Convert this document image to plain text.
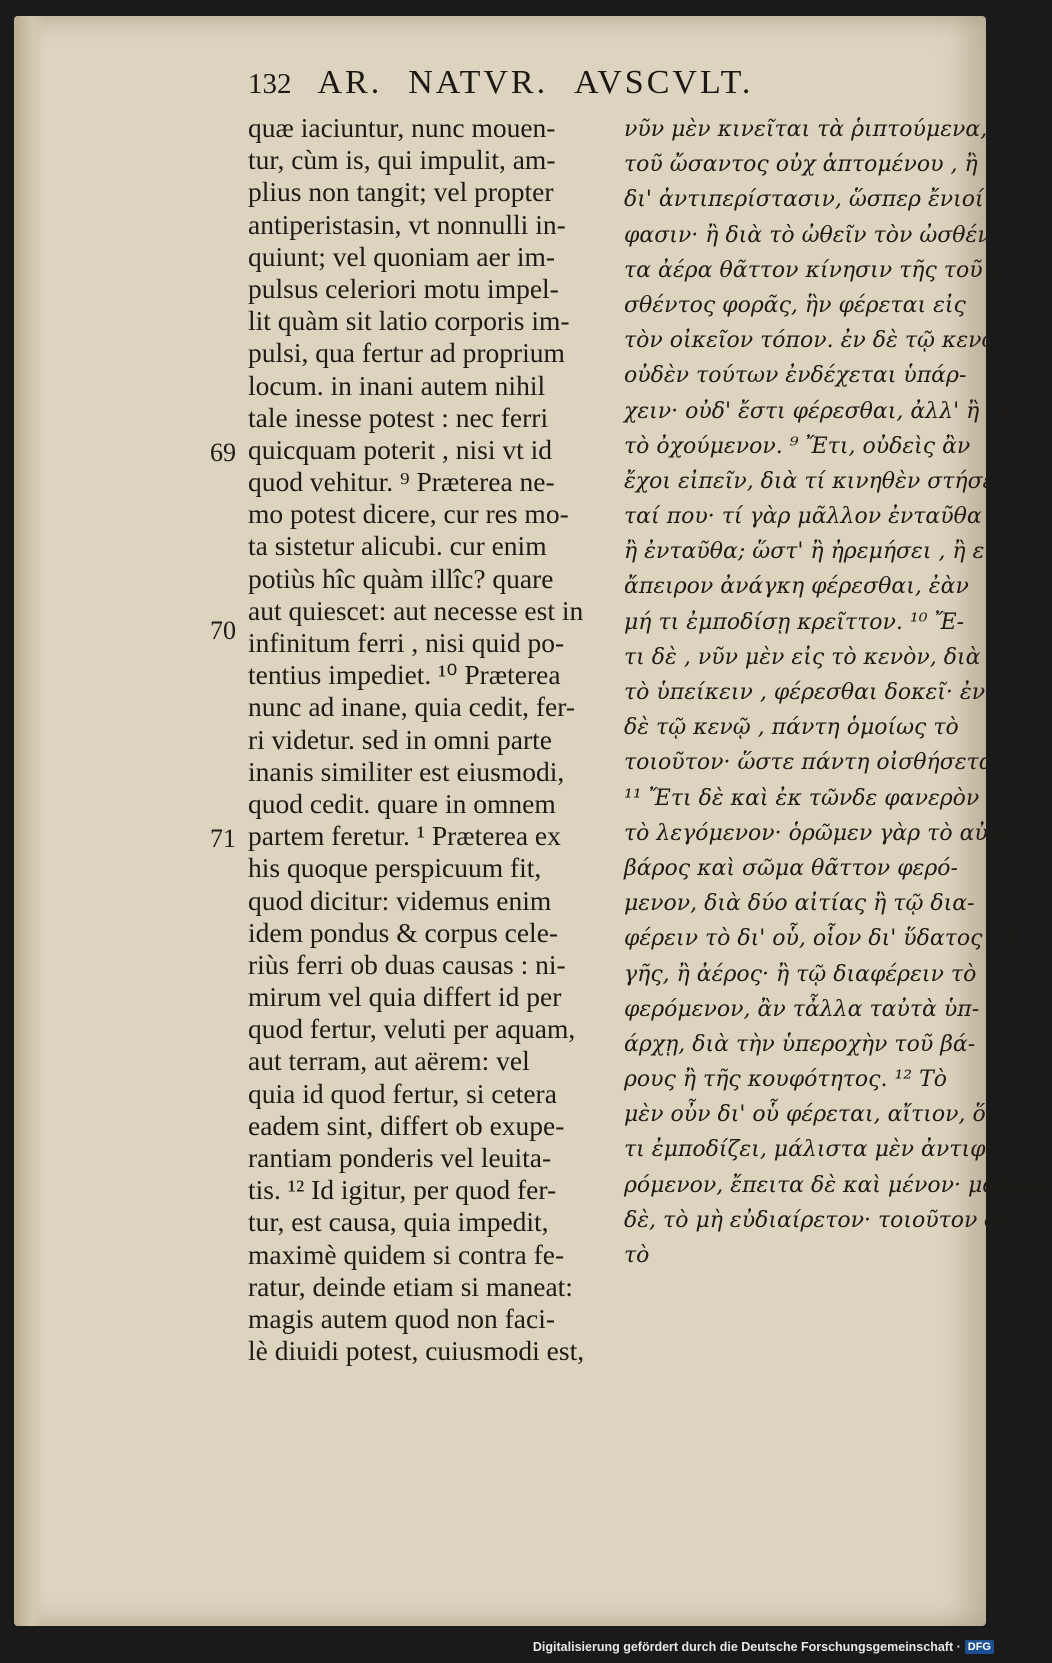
132 AR. NATVR. AVSCVLT.
69
70
71
quæ iaciuntur, nunc mouen-
tur, cùm is, qui impulit, am-
plius non tangit; vel propter
antiperistasin, vt nonnulli in-
quiunt; vel quoniam aer im-
pulsus celeriori motu impel-
lit quàm sit latio corporis im-
pulsi, qua fertur ad proprium
locum. in inani autem nihil
tale inesse potest : nec ferri
quicquam poterit , nisi vt id
quod vehitur. ⁹ Præterea ne-
mo potest dicere, cur res mo-
ta sistetur alicubi. cur enim
potiùs hîc quàm illîc? quare
aut quiescet: aut necesse est in
infinitum ferri , nisi quid po-
tentius impediet. ¹⁰ Præterea
nunc ad inane, quia cedit, fer-
ri videtur. sed in omni parte
inanis similiter est eiusmodi,
quod cedit. quare in omnem
partem feretur. ¹ Præterea ex
his quoque perspicuum fit,
quod dicitur: videmus enim
idem pondus & corpus cele-
riùs ferri ob duas causas : ni-
mirum vel quia differt id per
quod fertur, veluti per aquam,
aut terram, aut aërem: vel
quia id quod fertur, si cetera
eadem sint, differt ob exupe-
rantiam ponderis vel leuita-
tis. ¹² Id igitur, per quod fer-
tur, est causa, quia impedit,
maximè quidem si contra fe-
ratur, deinde etiam si maneat:
magis autem quod non faci-
lè diuidi potest, cuiusmodi est,
νῦν μὲν κινεῖται τὰ ῥιπτούμενα,
τοῦ ὤσαντος οὐχ ἁπτομένου , ἢ
δι' ἀντιπερίστασιν, ὥσπερ ἔνιοί
φασιν· ἢ διὰ τὸ ὠθεῖν τὸν ὠσθέν-
τα ἀέρα θᾶττον κίνησιν τῆς τοῦ ὠ-
σθέντος φορᾶς, ἣν φέρεται εἰς
τὸν οἰκεῖον τόπον. ἐν δὲ τῷ κενῷ
οὐδὲν τούτων ἐνδέχεται ὑπάρ-
χειν· οὐδ' ἔστι φέρεσθαι, ἀλλ' ἢ ὡς
τὸ ὀχούμενον. ⁹ Ἔτι, οὐδεὶς ἂν
ἔχοι εἰπεῖν, διὰ τί κινηθὲν στήσε-
ταί που· τί γὰρ μᾶλλον ἐνταῦθα
ἢ ἐνταῦθα; ὥστ' ἢ ἠρεμήσει , ἢ εἰς
ἄπειρον ἀνάγκη φέρεσθαι, ἐὰν
μή τι ἐμποδίσῃ κρεῖττον. ¹⁰ Ἔ-
τι δὲ , νῦν μὲν εἰς τὸ κενὸν, διὰ
τὸ ὑπείκειν , φέρεσθαι δοκεῖ· ἐν
δὲ τῷ κενῷ , πάντη ὁμοίως τὸ
τοιοῦτον· ὥστε πάντη οἰσθήσεται.
¹¹ Ἔτι δὲ καὶ ἐκ τῶνδε φανερὸν
τὸ λεγόμενον· ὁρῶμεν γὰρ τὸ αὐτὸ
βάρος καὶ σῶμα θᾶττον φερό-
μενον, διὰ δύο αἰτίας ἢ τῷ δια-
φέρειν τὸ δι' οὗ, οἷον δι' ὕδατος , ἢ
γῆς, ἢ ἀέρος· ἢ τῷ διαφέρειν τὸ
φερόμενον, ἂν τἆλλα ταὐτὰ ὑπ-
άρχῃ, διὰ τὴν ὑπεροχὴν τοῦ βά-
ρους ἢ τῆς κουφότητος. ¹² Τὸ
μὲν οὖν δι' οὗ φέρεται, αἴτιον, ὅ-
τι ἐμποδίζει, μάλιστα μὲν ἀντιφε-
ρόμενον, ἔπειτα δὲ καὶ μένον· μᾶλλον
δὲ, τὸ μὴ εὐδιαίρετον· τοιοῦτον δὲ
τὸ
Digitalisierung gefördert durch die Deutsche Forschungsgemeinschaft · DFG
